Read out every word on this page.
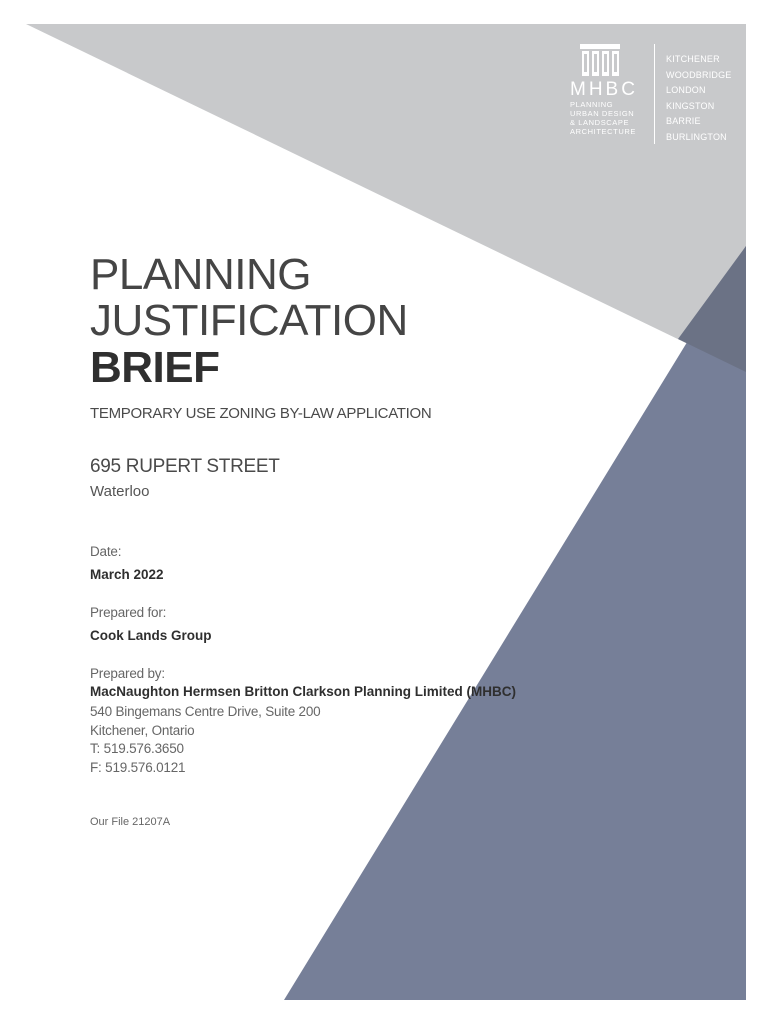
MHBC
PLANNING
URBAN DESIGN
& LANDSCAPE
ARCHITECTURE
KITCHENER
WOODBRIDGE
LONDON
KINGSTON
BARRIE
BURLINGTON
PLANNING
JUSTIFICATION
BRIEF
TEMPORARY USE ZONING BY-LAW APPLICATION
695 RUPERT STREET
Waterloo
Date:
March 2022
Prepared for:
Cook Lands Group
Prepared by:
MacNaughton Hermsen Britton Clarkson Planning Limited (MHBC)
540 Bingemans Centre Drive, Suite 200
Kitchener, Ontario
T: 519.576.3650
F: 519.576.0121
Our File 21207A
